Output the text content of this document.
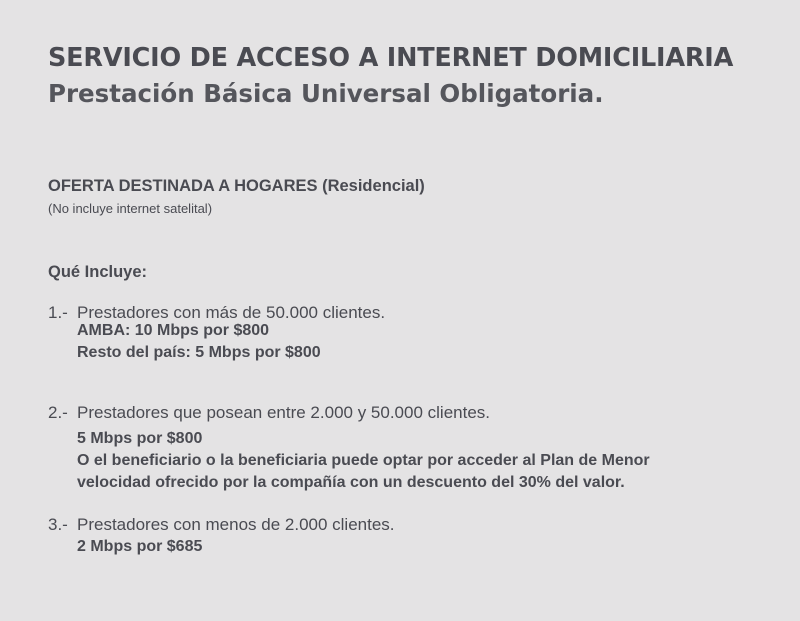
SERVICIO DE ACCESO A INTERNET DOMICILIARIA
Prestación Básica Universal Obligatoria.
OFERTA DESTINADA A HOGARES (Residencial)
(No incluye internet satelital)
Qué Incluye:
1.- Prestadores con más de 50.000 clientes.
AMBA: 10 Mbps por $800
Resto del país: 5 Mbps por $800
2.- Prestadores que posean entre 2.000 y 50.000 clientes.
5 Mbps por $800
O el beneficiario o la beneficiaria puede optar por acceder al Plan de Menor
velocidad ofrecido por la compañía con un descuento del 30% del valor.
3.- Prestadores con menos de 2.000 clientes.
2 Mbps por $685
